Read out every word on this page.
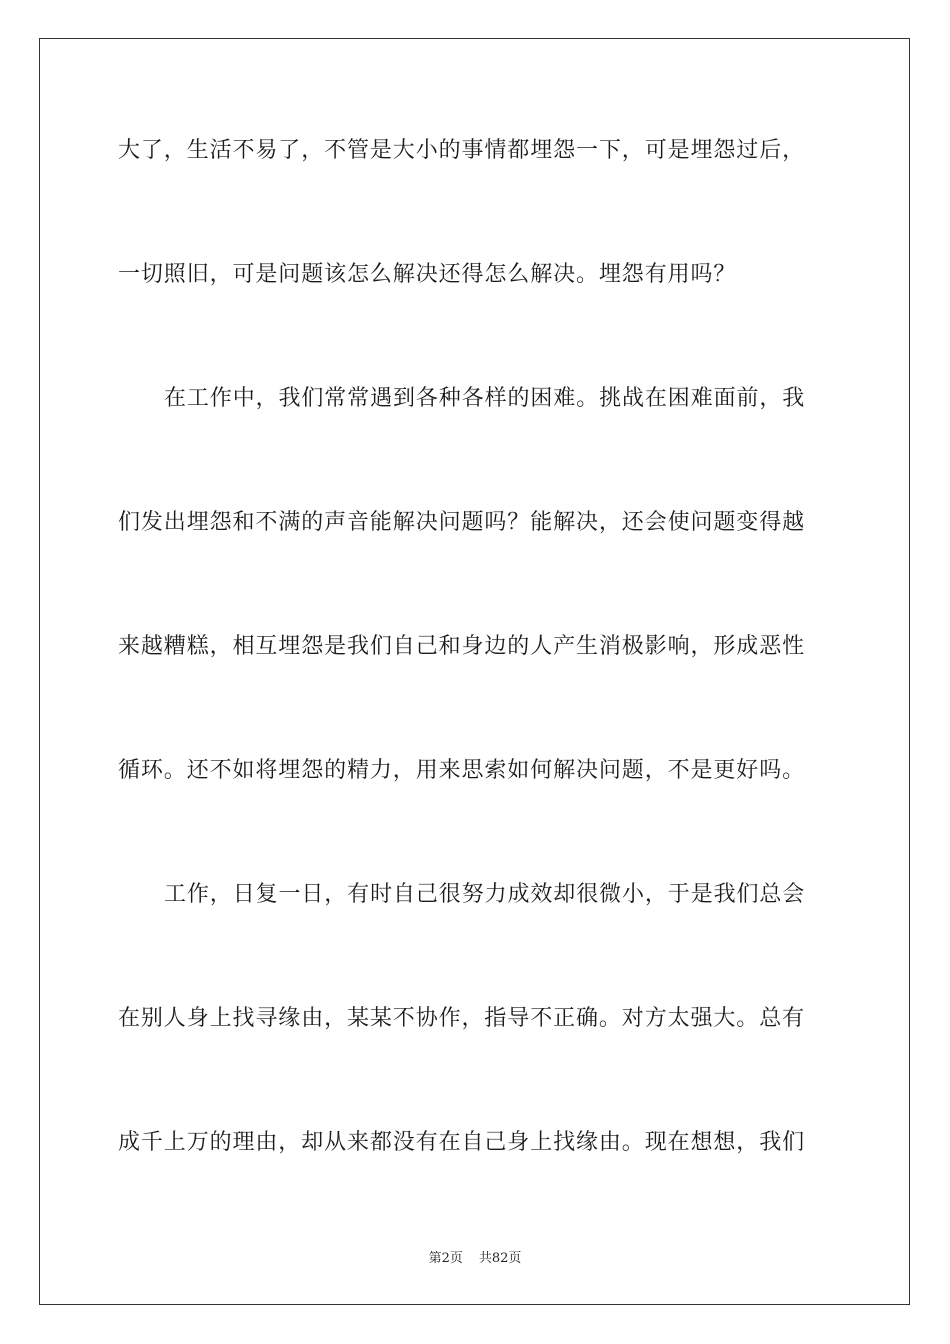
大了，生活不易了，不管是大小的事情都埋怨一下，可是埋怨过后，
一切照旧，可是问题该怎么解决还得怎么解决。埋怨有用吗？
在工作中，我们常常遇到各种各样的困难。挑战在困难面前，我
们发出埋怨和不满的声音能解决问题吗？能解决，还会使问题变得越
来越糟糕，相互埋怨是我们自己和身边的人产生消极影响，形成恶性
循环。还不如将埋怨的精力，用来思索如何解决问题，不是更好吗。
工作，日复一日，有时自己很努力成效却很微小，于是我们总会
在别人身上找寻缘由，某某不协作，指导不正确。对方太强大。总有
成千上万的理由，却从来都没有在自己身上找缘由。现在想想，我们
第2页 共82页
